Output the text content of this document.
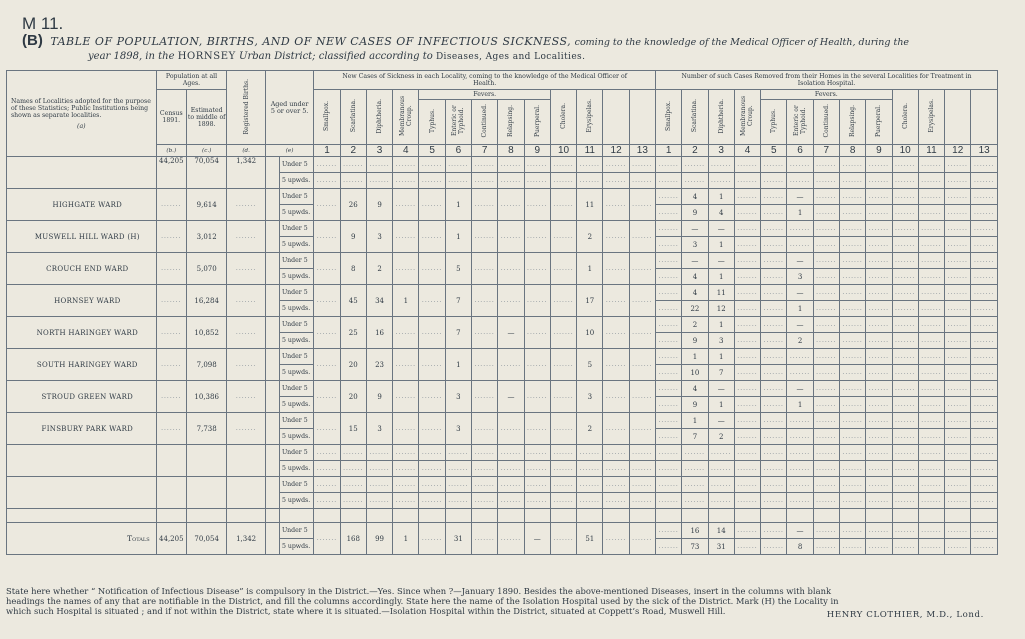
M 11.
(B) TABLE OF POPULATION, BIRTHS, AND OF NEW CASES OF INFECTIOUS SICKNESS, coming to the knowledge of the Medical Officer of Health, during the
year 1898, in the HORNSEY Urban District; classified according to Diseases, Ages and Localities.
Names of Localities adopted for the purpose of these Statistics; Public Institutions being shown as separate localities.
(a)	Population at all Ages.		Registered Births.	Aged under 5 or over 5.		New Cases of Sickness in each Locality, coming to the knowledge of the Medical Officer of Health.													Number of such Cases Removed from their Homes in the several Localities for Treatment in Isolation Hospital.												
	Census 1891.	Estimated to middle of 1898.				Smallpox.	Scarlatina.	Diphtheria.	Membranous Croup.	Fevers.					Cholera.	Erysipelas.			Smallpox.	Scarlatina.	Diphtheria.	Membranous Croup.	Fevers.					Cholera.	Erysipelas.		
										Typhus.	Enteric or Typhoid.	Continued.	Relapsing.	Puerperal.									Typhus.	Enteric or Typhoid.	Continued.	Relapsing.	Puerperal.				
	(b.)	(c.)	(d.	(e)		1	2	3	4	5	6	7	8	9	10	11	12	13	1	2	3	4	5	6	7	8	9	10	11	12	13
	44,205	70,054	1,342		Under 5	.......	.......	.......	.......	.......	.......	.......	.......	.......	.......	.......	.......	.......	.......	.......	.......	.......	.......	.......	.......	.......	.......	.......	.......	.......	.......
					5 upwds.	.......	.......	.......	.......	.......	.......	.......	.......	.......	.......	.......	.......	.......	.......	.......	.......	.......	.......	.......	.......	.......	.......	.......	.......	.......	.......
HIGHGATE WARD	.......	9,614	.......		Under 5	.......	26	9	.......	.......	1	.......	.......	.......	.......	11	.......	.......	.......	4	1	.......	.......	—	.......	.......	.......	.......	.......	.......	.......
					5 upwds.														.......	9	4	.......	.......	1	.......	.......	.......	.......	.......	.......	.......
MUSWELL HILL WARD (H)	.......	3,012	.......		Under 5	.......	9	3	.......	.......	1	.......	.......	.......	.......	2	.......	.......	.......	—	—	.......	.......	.......	.......	.......	.......	.......	.......	.......	.......
					5 upwds.														.......	3	1	.......	.......	.......	.......	.......	.......	.......	.......	.......	.......
CROUCH END WARD	.......	5,070	.......		Under 5	.......	8	2	.......	.......	5	.......	.......	.......	.......	1	.......	.......	.......	—	—	.......	.......	—	.......	.......	.......	.......	.......	.......	.......
					5 upwds.														.......	4	1	.......	.......	3	.......	.......	.......	.......	.......	.......	.......
HORNSEY WARD	.......	16,284	.......		Under 5	.......	45	34	1	.......	7	.......	.......	.......	.......	17	.......	.......	.......	4	11	.......	.......	—	.......	.......	.......	.......	.......	.......	.......
					5 upwds.														.......	22	12	.......	.......	1	.......	.......	.......	.......	.......	.......	.......
NORTH HARINGEY WARD	.......	10,852	.......		Under 5	.......	25	16	.......	.......	7	.......	—	.......	.......	10	.......	.......	.......	2	1	.......	.......	—	.......	.......	.......	.......	.......	.......	.......
					5 upwds.														.......	9	3	.......	.......	2	.......	.......	.......	.......	.......	.......	.......
SOUTH HARINGEY WARD	.......	7,098	.......		Under 5	.......	20	23	.......	.......	1	.......	.......	.......	.......	5	.......	.......	.......	1	1	.......	.......	.......	.......	.......	.......	.......	.......	.......	.......
					5 upwds.														.......	10	7	.......	.......	.......	.......	.......	.......	.......	.......	.......	.......
STROUD GREEN WARD	.......	10,386	.......		Under 5	.......	20	9	.......	.......	3	.......	—	.......	.......	3	.......	.......	.......	4	—	.......	.......	—	.......	.......	.......	.......	.......	.......	.......
					5 upwds.														.......	9	1	.......	.......	1	.......	.......	.......	.......	.......	.......	.......
FINSBURY PARK WARD	.......	7,738	.......		Under 5	.......	15	3	.......	.......	3	.......	.......	.......	.......	2	.......	.......	.......	1	—	.......	.......	.......	.......	.......	.......	.......	.......	.......	.......
					5 upwds.														.......	7	2	.......	.......	.......	.......	.......	.......	.......	.......	.......	.......
					Under 5	.......	.......	.......	.......	.......	.......	.......	.......	.......	.......	.......	.......	.......	.......	.......	.......	.......	.......	.......	.......	.......	.......	.......	.......	.......	.......
					5 upwds.	.......	.......	.......	.......	.......	.......	.......	.......	.......	.......	.......	.......	.......	.......	.......	.......	.......	.......	.......	.......	.......	.......	.......	.......	.......	.......
					Under 5	.......	.......	.......	.......	.......	.......	.......	.......	.......	.......	.......	.......	.......	.......	.......	.......	.......	.......	.......	.......	.......	.......	.......	.......	.......	.......
					5 upwds.	.......	.......	.......	.......	.......	.......	.......	.......	.......	.......	.......	.......	.......	.......	.......	.......	.......	.......	.......	.......	.......	.......	.......	.......	.......	.......

Totals	44,205	70,054	1,342		Under 5	.......	168	99	1	.......	31	.......	.......	—	.......	51	.......	.......	.......	16	14	.......	.......	—	.......	.......	.......	.......	.......	.......	.......
					5 upwds.														.......	73	31	.......	.......	8	.......	.......	.......	.......	.......	.......	.......
State here whether “ Notification of Infectious Disease” is compulsory in the District.—Yes. Since when ?—January 1890. Besides the above-mentioned Diseases, insert in the columns with blank
headings the names of any that are notifiable in the District, and fill the columns accordingly. State here the name of the Isolation Hospital used by the sick of the District. Mark (H) the Locality in
which such Hospital is situated ; and if not within the District, state where it is situated.—Isolation Hospital within the District, situated at Coppett’s Road, Muswell Hill.	HENRY CLOTHIER, M.D., Lond.
